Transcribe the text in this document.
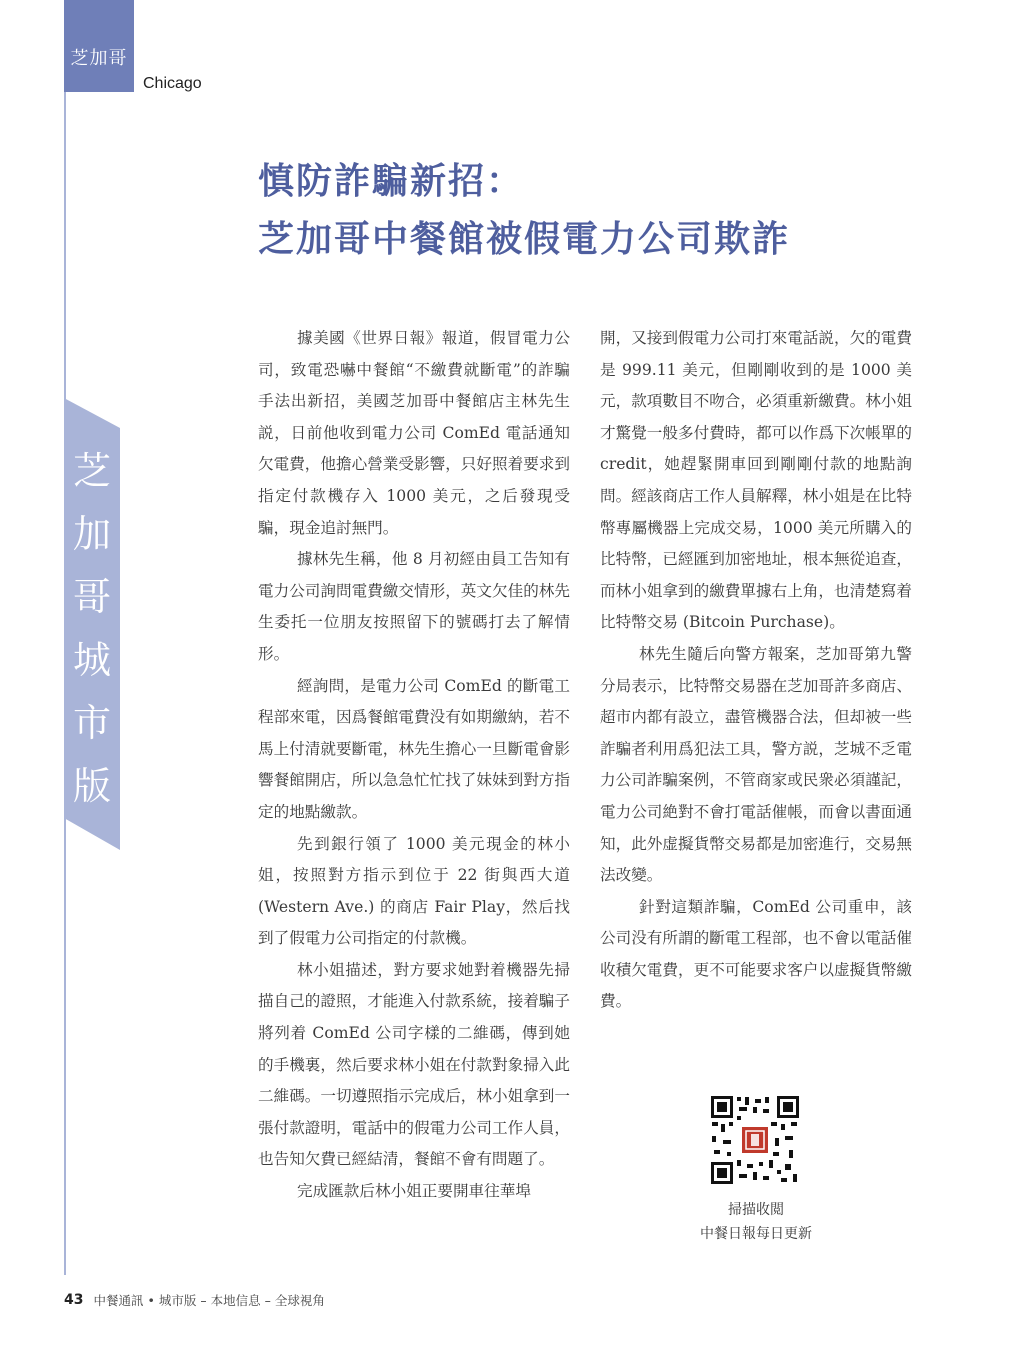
芝加哥
Chicago
芝
加
哥
城
市
版
慎防詐騙新招：
芝加哥中餐館被假電力公司欺詐

據美國《世界日報》報道，假冒電力公司，致電恐嚇中餐館“不繳費就斷電”的詐騙手法出新招，美國芝加哥中餐館店主林先生説，日前他收到電力公司 ComEd 電話通知欠電費，他擔心營業受影響，只好照着要求到指定付款機存入 1000 美元，之后發現受騙，現金追討無門。

據林先生稱，他 8 月初經由員工告知有電力公司詢問電費繳交情形，英文欠佳的林先生委托一位朋友按照留下的號碼打去了解情形。

經詢問，是電力公司 ComEd 的斷電工程部來電，因爲餐館電費没有如期繳納，若不馬上付清就要斷電，林先生擔心一旦斷電會影響餐館開店，所以急急忙忙找了妹妹到對方指定的地點繳款。

先到銀行領了 1000 美元現金的林小姐，按照對方指示到位于 22 街與西大道 (Western Ave.) 的商店 Fair Play，然后找到了假電力公司指定的付款機。

林小姐描述，對方要求她對着機器先掃描自己的證照，才能進入付款系統，接着騙子將列着 ComEd 公司字樣的二維碼，傳到她的手機裏，然后要求林小姐在付款對象掃入此二維碼。一切遵照指示完成后，林小姐拿到一張付款證明，電話中的假電力公司工作人員，也告知欠費已經結清，餐館不會有問題了。

完成匯款后林小姐正要開車往華埠

開，又接到假電力公司打來電話説，欠的電費是 999.11 美元，但剛剛收到的是 1000 美元，款項數目不吻合，必須重新繳費。林小姐才驚覺一般多付費時，都可以作爲下次帳單的 credit，她趕緊開車回到剛剛付款的地點詢問。經該商店工作人員解釋，林小姐是在比特幣專屬機器上完成交易，1000 美元所購入的比特幣，已經匯到加密地址，根本無從追查，而林小姐拿到的繳費單據右上角，也清楚寫着比特幣交易 (Bitcoin Purchase)。

林先生隨后向警方報案，芝加哥第九警分局表示，比特幣交易器在芝加哥許多商店、超市内都有設立，盡管機器合法，但却被一些詐騙者利用爲犯法工具，警方説，芝城不乏電力公司詐騙案例，不管商家或民衆必須謹記，電力公司絶對不會打電話催帳，而會以書面通知，此外虚擬貨幣交易都是加密進行，交易無法改變。

針對這類詐騙，ComEd 公司重申，該公司没有所謂的斷電工程部，也不會以電話催收積欠電費，更不可能要求客户以虚擬貨幣繳費。

掃描收閲
中餐日報每日更新
43 中餐通訊 • 城市版 – 本地信息 – 全球視角
